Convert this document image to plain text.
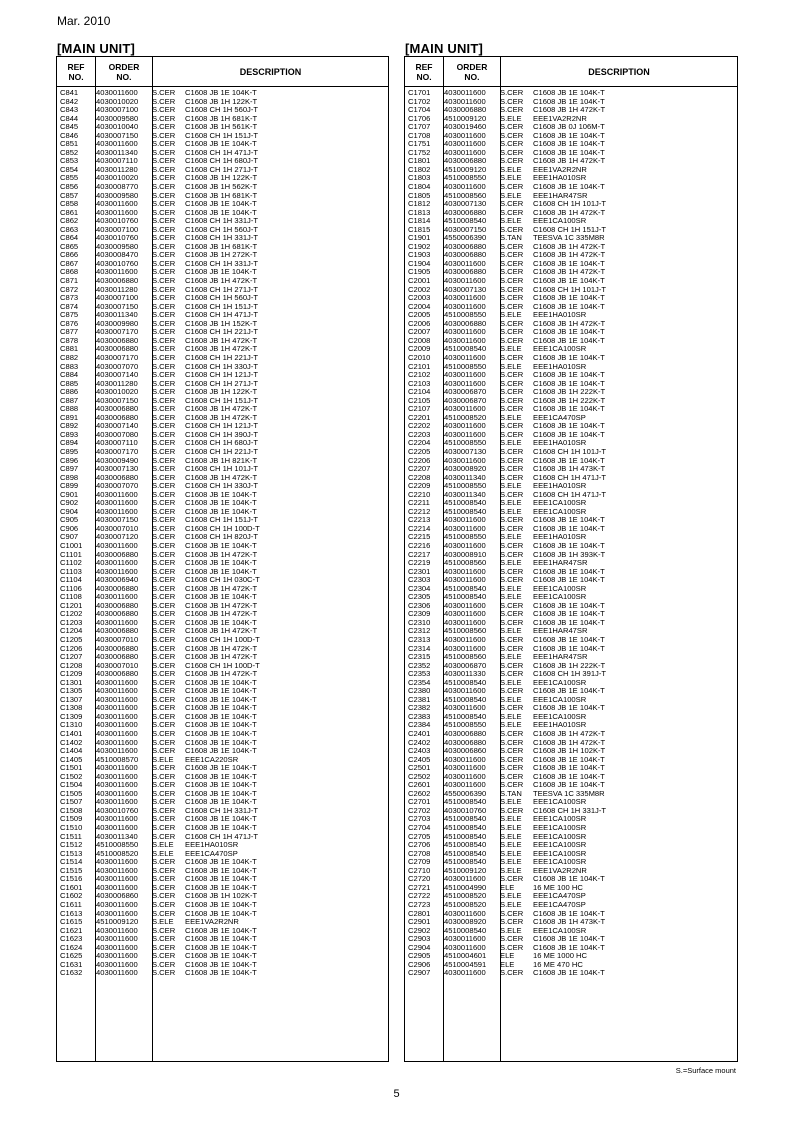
Mar. 2010
[MAIN UNIT]
REF
NO.
ORDER
NO.	DESCRIPTION
C841	4030011600	S.CER	C1608 JB 1E 104K-T
C842	4030010020	S.CER	C1608 JB 1H 122K-T
C843	4030007100	S.CER	C1608 CH 1H 560J-T
C844	4030009580	S.CER	C1608 JB 1H 681K-T
C845	4030010040	S.CER	C1608 JB 1H 561K-T
C846	4030007150	S.CER	C1608 CH 1H 151J-T
C851	4030011600	S.CER	C1608 JB 1E 104K-T
C852	4030011340	S.CER	C1608 CH 1H 471J-T
C853	4030007110	S.CER	C1608 CH 1H 680J-T
C854	4030011280	S.CER	C1608 CH 1H 271J-T
C855	4030010020	S.CER	C1608 JB 1H 122K-T
C856	4030008770	S.CER	C1608 JB 1H 562K-T
C857	4030009580	S.CER	C1608 JB 1H 681K-T
C858	4030011600	S.CER	C1608 JB 1E 104K-T
C861	4030011600	S.CER	C1608 JB 1E 104K-T
C862	4030010760	S.CER	C1608 CH 1H 331J-T
C863	4030007100	S.CER	C1608 CH 1H 560J-T
C864	4030010760	S.CER	C1608 CH 1H 331J-T
C865	4030009580	S.CER	C1608 JB 1H 681K-T
C866	4030008470	S.CER	C1608 JB 1H 272K-T
C867	4030010760	S.CER	C1608 CH 1H 331J-T
C868	4030011600	S.CER	C1608 JB 1E 104K-T
C871	4030006880	S.CER	C1608 JB 1H 472K-T
C872	4030011280	S.CER	C1608 CH 1H 271J-T
C873	4030007100	S.CER	C1608 CH 1H 560J-T
C874	4030007150	S.CER	C1608 CH 1H 151J-T
C875	4030011340	S.CER	C1608 CH 1H 471J-T
C876	4030009980	S.CER	C1608 JB 1H 152K-T
C877	4030007170	S.CER	C1608 CH 1H 221J-T
C878	4030006880	S.CER	C1608 JB 1H 472K-T
C881	4030006880	S.CER	C1608 JB 1H 472K-T
C882	4030007170	S.CER	C1608 CH 1H 221J-T
C883	4030007070	S.CER	C1608 CH 1H 330J-T
C884	4030007140	S.CER	C1608 CH 1H 121J-T
C885	4030011280	S.CER	C1608 CH 1H 271J-T
C886	4030010020	S.CER	C1608 JB 1H 122K-T
C887	4030007150	S.CER	C1608 CH 1H 151J-T
C888	4030006880	S.CER	C1608 JB 1H 472K-T
C891	4030006880	S.CER	C1608 JB 1H 472K-T
C892	4030007140	S.CER	C1608 CH 1H 121J-T
C893	4030007080	S.CER	C1608 CH 1H 390J-T
C894	4030007110	S.CER	C1608 CH 1H 680J-T
C895	4030007170	S.CER	C1608 CH 1H 221J-T
C896	4030009490	S.CER	C1608 JB 1H 821K-T
C897	4030007130	S.CER	C1608 CH 1H 101J-T
C898	4030006880	S.CER	C1608 JB 1H 472K-T
C899	4030007070	S.CER	C1608 CH 1H 330J-T
C901	4030011600	S.CER	C1608 JB 1E 104K-T
C902	4030011600	S.CER	C1608 JB 1E 104K-T
C904	4030011600	S.CER	C1608 JB 1E 104K-T
C905	4030007150	S.CER	C1608 CH 1H 151J-T
C906	4030007010	S.CER	C1608 CH 1H 100D-T
C907	4030007120	S.CER	C1608 CH 1H 820J-T
C1001	4030011600	S.CER	C1608 JB 1E 104K-T
C1101	4030006880	S.CER	C1608 JB 1H 472K-T
C1102	4030011600	S.CER	C1608 JB 1E 104K-T
C1103	4030011600	S.CER	C1608 JB 1E 104K-T
C1104	4030006940	S.CER	C1608 CH 1H 030C-T
C1106	4030006880	S.CER	C1608 JB 1H 472K-T
C1108	4030011600	S.CER	C1608 JB 1E 104K-T
C1201	4030006880	S.CER	C1608 JB 1H 472K-T
C1202	4030006880	S.CER	C1608 JB 1H 472K-T
C1203	4030011600	S.CER	C1608 JB 1E 104K-T
C1204	4030006880	S.CER	C1608 JB 1H 472K-T
C1205	4030007010	S.CER	C1608 CH 1H 100D-T
C1206	4030006880	S.CER	C1608 JB 1H 472K-T
C1207	4030006880	S.CER	C1608 JB 1H 472K-T
C1208	4030007010	S.CER	C1608 CH 1H 100D-T
C1209	4030006880	S.CER	C1608 JB 1H 472K-T
C1301	4030011600	S.CER	C1608 JB 1E 104K-T
C1305	4030011600	S.CER	C1608 JB 1E 104K-T
C1307	4030011600	S.CER	C1608 JB 1E 104K-T
C1308	4030011600	S.CER	C1608 JB 1E 104K-T
C1309	4030011600	S.CER	C1608 JB 1E 104K-T
C1310	4030011600	S.CER	C1608 JB 1E 104K-T
C1401	4030011600	S.CER	C1608 JB 1E 104K-T
C1402	4030011600	S.CER	C1608 JB 1E 104K-T
C1404	4030011600	S.CER	C1608 JB 1E 104K-T
C1405	4510008570	S.ELE	EEE1CA220SR
C1501	4030011600	S.CER	C1608 JB 1E 104K-T
C1502	4030011600	S.CER	C1608 JB 1E 104K-T
C1504	4030011600	S.CER	C1608 JB 1E 104K-T
C1505	4030011600	S.CER	C1608 JB 1E 104K-T
C1507	4030011600	S.CER	C1608 JB 1E 104K-T
C1508	4030010760	S.CER	C1608 CH 1H 331J-T
C1509	4030011600	S.CER	C1608 JB 1E 104K-T
C1510	4030011600	S.CER	C1608 JB 1E 104K-T
C1511	4030011340	S.CER	C1608 CH 1H 471J-T
C1512	4510008550	S.ELE	EEE1HA010SR
C1513	4510008520	S.ELE	EEE1CA470SP
C1514	4030011600	S.CER	C1608 JB 1E 104K-T
C1515	4030011600	S.CER	C1608 JB 1E 104K-T
C1516	4030011600	S.CER	C1608 JB 1E 104K-T
C1601	4030011600	S.CER	C1608 JB 1E 104K-T
C1602	4030006860	S.CER	C1608 JB 1H 102K-T
C1611	4030011600	S.CER	C1608 JB 1E 104K-T
C1613	4030011600	S.CER	C1608 JB 1E 104K-T
C1615	4510009120	S.ELE	EEE1VA2R2NR
C1621	4030011600	S.CER	C1608 JB 1E 104K-T
C1623	4030011600	S.CER	C1608 JB 1E 104K-T
C1624	4030011600	S.CER	C1608 JB 1E 104K-T
C1625	4030011600	S.CER	C1608 JB 1E 104K-T
C1631	4030011600	S.CER	C1608 JB 1E 104K-T
C1632	4030011600	S.CER	C1608 JB 1E 104K-T
[MAIN UNIT]
REF
NO.
ORDER
NO.	DESCRIPTION
C1701	4030011600	S.CER	C1608 JB 1E 104K-T
C1702	4030011600	S.CER	C1608 JB 1E 104K-T
C1704	4030006880	S.CER	C1608 JB 1H 472K-T
C1706	4510009120	S.ELE	EEE1VA2R2NR
C1707	4030019460	S.CER	C1608 JB 0J 106M-T
C1708	4030011600	S.CER	C1608 JB 1E 104K-T
C1751	4030011600	S.CER	C1608 JB 1E 104K-T
C1752	4030011600	S.CER	C1608 JB 1E 104K-T
C1801	4030006880	S.CER	C1608 JB 1H 472K-T
C1802	4510009120	S.ELE	EEE1VA2R2NR
C1803	4510008550	S.ELE	EEE1HA010SR
C1804	4030011600	S.CER	C1608 JB 1E 104K-T
C1805	4510008560	S.ELE	EEE1HAR47SR
C1812	4030007130	S.CER	C1608 CH 1H 101J-T
C1813	4030006880	S.CER	C1608 JB 1H 472K-T
C1814	4510008540	S.ELE	EEE1CA100SR
C1815	4030007150	S.CER	C1608 CH 1H 151J-T
C1901	4550006390	S.TAN	TEESVA 1C 335M8R
C1902	4030006880	S.CER	C1608 JB 1H 472K-T
C1903	4030006880	S.CER	C1608 JB 1H 472K-T
C1904	4030011600	S.CER	C1608 JB 1E 104K-T
C1905	4030006880	S.CER	C1608 JB 1H 472K-T
C2001	4030011600	S.CER	C1608 JB 1E 104K-T
C2002	4030007130	S.CER	C1608 CH 1H 101J-T
C2003	4030011600	S.CER	C1608 JB 1E 104K-T
C2004	4030011600	S.CER	C1608 JB 1E 104K-T
C2005	4510008550	S.ELE	EEE1HA010SR
C2006	4030006880	S.CER	C1608 JB 1H 472K-T
C2007	4030011600	S.CER	C1608 JB 1E 104K-T
C2008	4030011600	S.CER	C1608 JB 1E 104K-T
C2009	4510008540	S.ELE	EEE1CA100SR
C2010	4030011600	S.CER	C1608 JB 1E 104K-T
C2101	4510008550	S.ELE	EEE1HA010SR
C2102	4030011600	S.CER	C1608 JB 1E 104K-T
C2103	4030011600	S.CER	C1608 JB 1E 104K-T
C2104	4030006870	S.CER	C1608 JB 1H 222K-T
C2105	4030006870	S.CER	C1608 JB 1H 222K-T
C2107	4030011600	S.CER	C1608 JB 1E 104K-T
C2201	4510008520	S.ELE	EEE1CA470SP
C2202	4030011600	S.CER	C1608 JB 1E 104K-T
C2203	4030011600	S.CER	C1608 JB 1E 104K-T
C2204	4510008550	S.ELE	EEE1HA010SR
C2205	4030007130	S.CER	C1608 CH 1H 101J-T
C2206	4030011600	S.CER	C1608 JB 1E 104K-T
C2207	4030008920	S.CER	C1608 JB 1H 473K-T
C2208	4030011340	S.CER	C1608 CH 1H 471J-T
C2209	4510008550	S.ELE	EEE1HA010SR
C2210	4030011340	S.CER	C1608 CH 1H 471J-T
C2211	4510008540	S.ELE	EEE1CA100SR
C2212	4510008540	S.ELE	EEE1CA100SR
C2213	4030011600	S.CER	C1608 JB 1E 104K-T
C2214	4030011600	S.CER	C1608 JB 1E 104K-T
C2215	4510008550	S.ELE	EEE1HA010SR
C2216	4030011600	S.CER	C1608 JB 1E 104K-T
C2217	4030008910	S.CER	C1608 JB 1H 393K-T
C2219	4510008560	S.ELE	EEE1HAR47SR
C2301	4030011600	S.CER	C1608 JB 1E 104K-T
C2303	4030011600	S.CER	C1608 JB 1E 104K-T
C2304	4510008540	S.ELE	EEE1CA100SR
C2305	4510008540	S.ELE	EEE1CA100SR
C2306	4030011600	S.CER	C1608 JB 1E 104K-T
C2309	4030011600	S.CER	C1608 JB 1E 104K-T
C2310	4030011600	S.CER	C1608 JB 1E 104K-T
C2312	4510008560	S.ELE	EEE1HAR47SR
C2313	4030011600	S.CER	C1608 JB 1E 104K-T
C2314	4030011600	S.CER	C1608 JB 1E 104K-T
C2315	4510008560	S.ELE	EEE1HAR47SR
C2352	4030006870	S.CER	C1608 JB 1H 222K-T
C2353	4030011330	S.CER	C1608 CH 1H 391J-T
C2354	4510008540	S.ELE	EEE1CA100SR
C2380	4030011600	S.CER	C1608 JB 1E 104K-T
C2381	4510008540	S.ELE	EEE1CA100SR
C2382	4030011600	S.CER	C1608 JB 1E 104K-T
C2383	4510008540	S.ELE	EEE1CA100SR
C2384	4510008550	S.ELE	EEE1HA010SR
C2401	4030006880	S.CER	C1608 JB 1H 472K-T
C2402	4030006880	S.CER	C1608 JB 1H 472K-T
C2403	4030006860	S.CER	C1608 JB 1H 102K-T
C2405	4030011600	S.CER	C1608 JB 1E 104K-T
C2501	4030011600	S.CER	C1608 JB 1E 104K-T
C2502	4030011600	S.CER	C1608 JB 1E 104K-T
C2601	4030011600	S.CER	C1608 JB 1E 104K-T
C2602	4550006390	S.TAN	TEESVA 1C 335M8R
C2701	4510008540	S.ELE	EEE1CA100SR
C2702	4030010760	S.CER	C1608 CH 1H 331J-T
C2703	4510008540	S.ELE	EEE1CA100SR
C2704	4510008540	S.ELE	EEE1CA100SR
C2705	4510008540	S.ELE	EEE1CA100SR
C2706	4510008540	S.ELE	EEE1CA100SR
C2708	4510008540	S.ELE	EEE1CA100SR
C2709	4510008540	S.ELE	EEE1CA100SR
C2710	4510009120	S.ELE	EEE1VA2R2NR
C2720	4030011600	S.CER	C1608 JB 1E 104K-T
C2721	4510004990	ELE	16 ME 100 HC
C2722	4510008520	S.ELE	EEE1CA470SP
C2723	4510008520	S.ELE	EEE1CA470SP
C2801	4030011600	S.CER	C1608 JB 1E 104K-T
C2901	4030008920	S.CER	C1608 JB 1H 473K-T
C2902	4510008540	S.ELE	EEE1CA100SR
C2903	4030011600	S.CER	C1608 JB 1E 104K-T
C2904	4030011600	S.CER	C1608 JB 1E 104K-T
C2905	4510004601	ELE	16 ME 1000 HC
C2906	4510004591	ELE	16 ME 470 HC
C2907	4030011600	S.CER	C1608 JB 1E 104K-T
S.=Surface mount
5
